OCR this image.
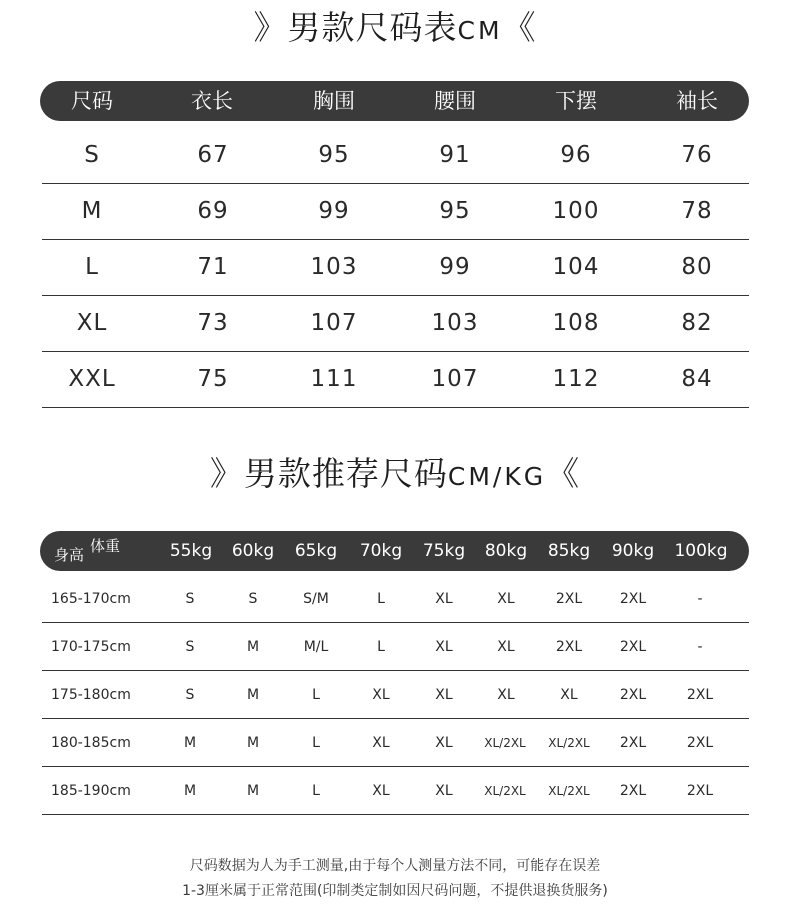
》男款尺码表CM《
尺码	衣长	胸围	腰围	下摆	袖长
S	67	95	91	96	76
M	69	99	95	100	78
L	71	103	99	104	80
XL	73	107	103	108	82
XXL	75	111	107	112	84
》男款推荐尺码CM/KG《
身高 体重	55kg	60kg	65kg	70kg	75kg	80kg	85kg	90kg	100kg
165-170cm	S	S	S/M	L	XL	XL	2XL	2XL	-
170-175cm	S	M	M/L	L	XL	XL	2XL	2XL	-
175-180cm	S	M	L	XL	XL	XL	XL	2XL	2XL
180-185cm	M	M	L	XL	XL	XL/2XL	XL/2XL	2XL	2XL
185-190cm	M	M	L	XL	XL	XL/2XL	XL/2XL	2XL	2XL
尺码数据为人为手工测量,由于每个人测量方法不同，可能存在误差
1-3厘米属于正常范围(印制类定制如因尺码问题，不提供退换货服务)
